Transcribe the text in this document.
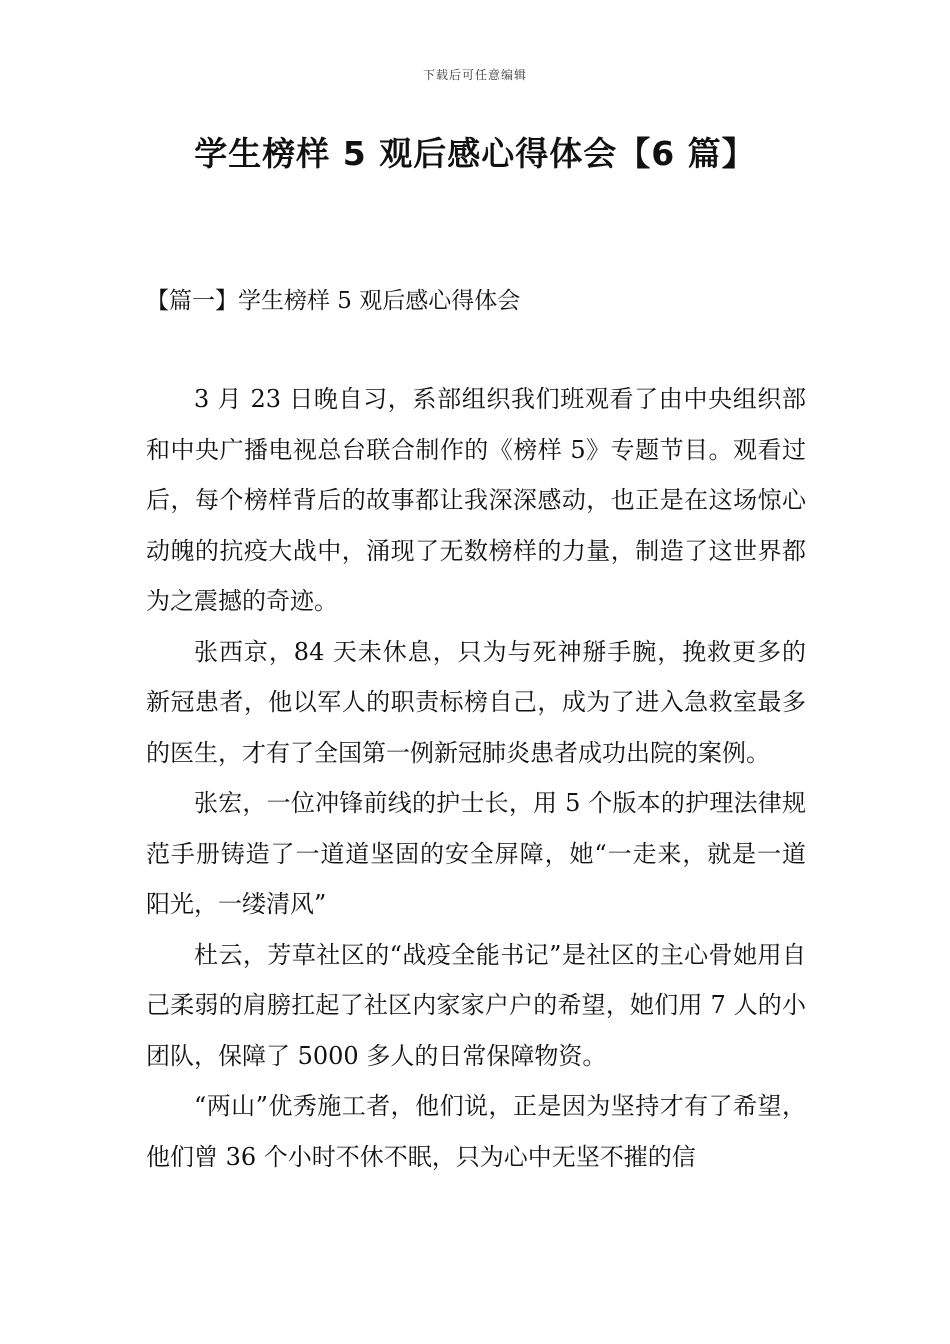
下载后可任意编辑
学生榜样 5 观后感心得体会【6 篇】
【篇一】学生榜样 5 观后感心得体会

3 月 23 日晚自习，系部组织我们班观看了由中央组织部和中央广播电视总台联合制作的《榜样 5》专题节目。观看过后，每个榜样背后的故事都让我深深感动，也正是在这场惊心动魄的抗疫大战中，涌现了无数榜样的力量，制造了这世界都为之震撼的奇迹。

张西京，84 天未休息，只为与死神掰手腕，挽救更多的新冠患者，他以军人的职责标榜自己，成为了进入急救室最多的医生，才有了全国第一例新冠肺炎患者成功出院的案例。

张宏，一位冲锋前线的护士长，用 5 个版本的护理法律规范手册铸造了一道道坚固的安全屏障，她“一走来，就是一道阳光，一缕清风”

杜云，芳草社区的“战疫全能书记”是社区的主心骨她用自己柔弱的肩膀扛起了社区内家家户户的希望，她们用 7 人的小团队，保障了 5000 多人的日常保障物资。

“两山”优秀施工者，他们说，正是因为坚持才有了希望，他们曾 36 个小时不休不眠，只为心中无坚不摧的信
